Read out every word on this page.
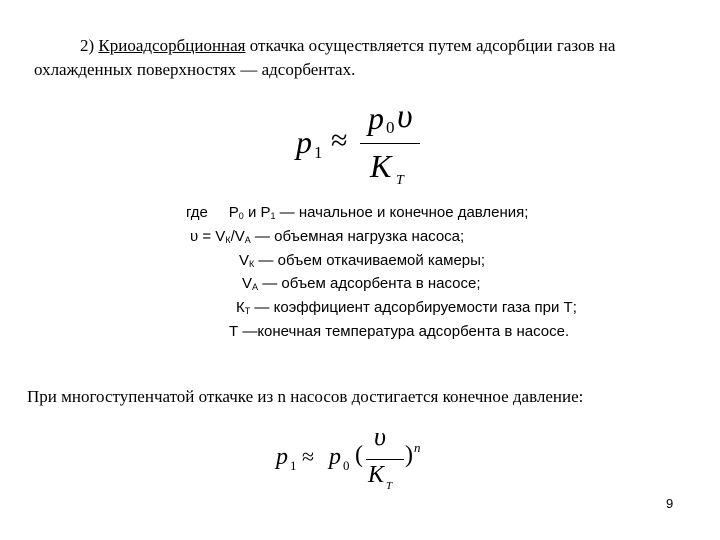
2) Криоадсорбционная откачка осуществляется путем адсорбции газов на
охлажденных поверхностях — адсорбентах.
p 1 ≈
p 0 υ
K T
где $P_0$ и $P_1$ — начальное и конечное давления;
$\upsilon = V_К/V_А$ — объемная нагрузка насоса;
$V_К$ — объем откачиваемой камеры;
$V_А$ — объем адсорбента в насосе;
$К_Т$ — коэффициент адсорбируемости газа при Т;
Т —конечная температура адсорбента в насосе.
При многоступенчатой откачке из n насосов достигается конечное давление:
p 1 ≈ p 0 (
υ
K T
) n
9
